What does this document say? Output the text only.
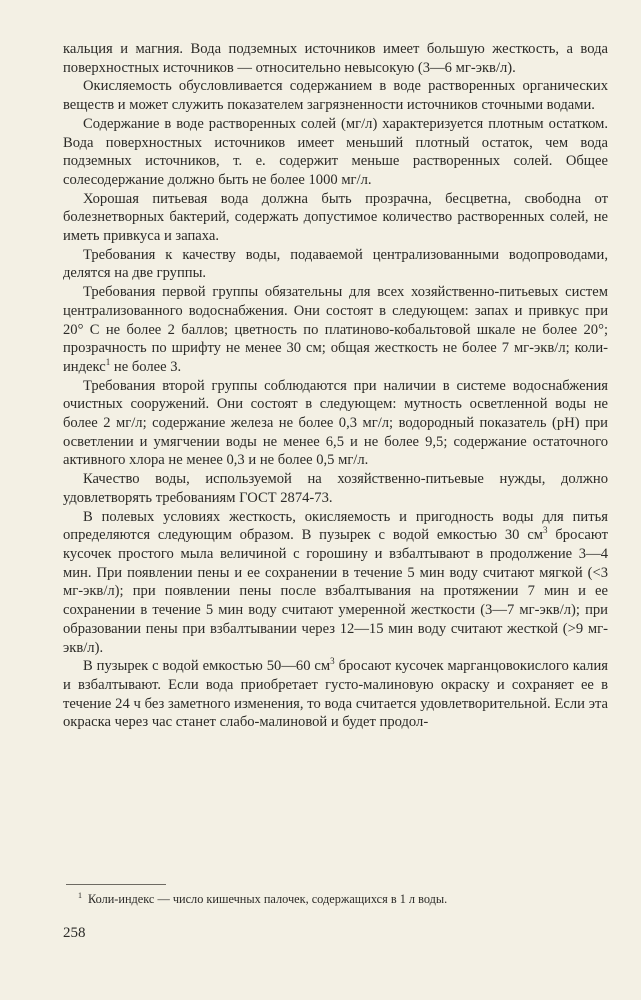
кальция и магния. Вода подземных источников имеет большую жесткость, а вода поверхностных источников — относительно невысокую (3—6 мг-экв/л).

Окисляемость обусловливается содержанием в воде растворенных органических веществ и может служить показателем загрязненности источников сточными водами.

Содержание в воде растворенных солей (мг/л) характеризуется плотным остатком. Вода поверхностных источников имеет меньший плотный остаток, чем вода подземных источников, т. е. содержит меньше растворенных солей. Общее солесодержание должно быть не более 1000 мг/л.

Хорошая питьевая вода должна быть прозрачна, бесцветна, свободна от болезнетворных бактерий, содержать допустимое количество растворенных солей, не иметь привкуса и запаха.

Требования к качеству воды, подаваемой централизованными водопроводами, делятся на две группы.

Требования первой группы обязательны для всех хозяйственно-питьевых систем централизованного водоснабжения. Они состоят в следующем: запах и привкус при 20° С не более 2 баллов; цветность по платиново-кобальтовой шкале не более 20°; прозрачность по шрифту не менее 30 см; общая жесткость не более 7 мг-экв/л; коли-индекс$^1$ не более 3.

Требования второй группы соблюдаются при наличии в системе водоснабжения очистных сооружений. Они состоят в следующем: мутность осветленной воды не более 2 мг/л; содержание железа не более 0,3 мг/л; водородный показатель (рН) при осветлении и умягчении воды не менее 6,5 и не более 9,5; содержание остаточного активного хлора не менее 0,3 и не более 0,5 мг/л.

Качество воды, используемой на хозяйственно-питьевые нужды, должно удовлетворять требованиям ГОСТ 2874-73.

В полевых условиях жесткость, окисляемость и пригодность воды для питья определяются следующим образом. В пузырек с водой емкостью 30 $см^3$ бросают кусочек простого мыла величиной с горошину и взбалтывают в продолжение 3—4 мин. При появлении пены и ее сохранении в течение 5 мин воду считают мягкой (<3 мг-экв/л); при появлении пены после взбалтывания на протяжении 7 мин и ее сохранении в течение 5 мин воду считают умеренной жесткости (3—7 мг-экв/л); при образовании пены при взбалтывании через 12—15 мин воду считают жесткой (>9 мг-экв/л).

В пузырек с водой емкостью 50—60 $см^3$ бросают кусочек марганцовокислого калия и взбалтывают. Если вода приобретает густо-малиновую окраску и сохраняет ее в течение 24 ч без заметного изменения, то вода считается удовлетворительной. Если эта окраска через час станет слабо-малиновой и будет продол-

$^1$ Коли-индекс — число кишечных палочек, содержащихся в 1 л воды.
258
